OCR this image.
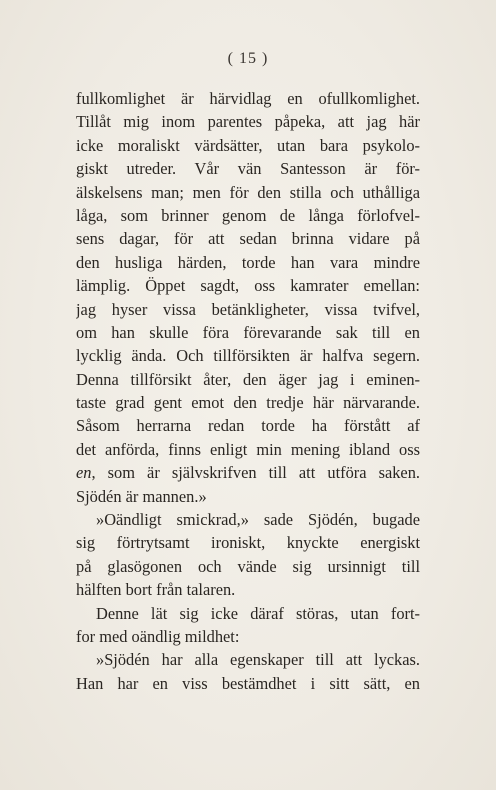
( 15 )
fullkomlighet är härvidlag en ofullkomlighet.
Tillåt mig inom parentes påpeka, att jag här
icke moraliskt värdsätter, utan bara psykolo-
giskt utreder. Vår vän Santesson är för-
älskelsens man; men för den stilla och uthålliga
låga, som brinner genom de långa förlofvel-
sens dagar, för att sedan brinna vidare på
den husliga härden, torde han vara mindre
lämplig. Öppet sagdt, oss kamrater emellan:
jag hyser vissa betänkligheter, vissa tvifvel,
om han skulle föra förevarande sak till en
lycklig ända. Och tillförsikten är halfva segern.
Denna tillförsikt åter, den äger jag i eminen-
taste grad gent emot den tredje här närvarande.
Såsom herrarna redan torde ha förstått af
det anförda, finns enligt min mening ibland oss
en, som är självskrifven till att utföra saken.
Sjödén är mannen.»
»Oändligt smickrad,» sade Sjödén, bugade
sig förtrytsamt ironiskt, knyckte energiskt
på glasögonen och vände sig ursinnigt till
hälften bort från talaren.
Denne lät sig icke däraf störas, utan fort-
for med oändlig mildhet:
»Sjödén har alla egenskaper till att lyckas.
Han har en viss bestämdhet i sitt sätt, en
